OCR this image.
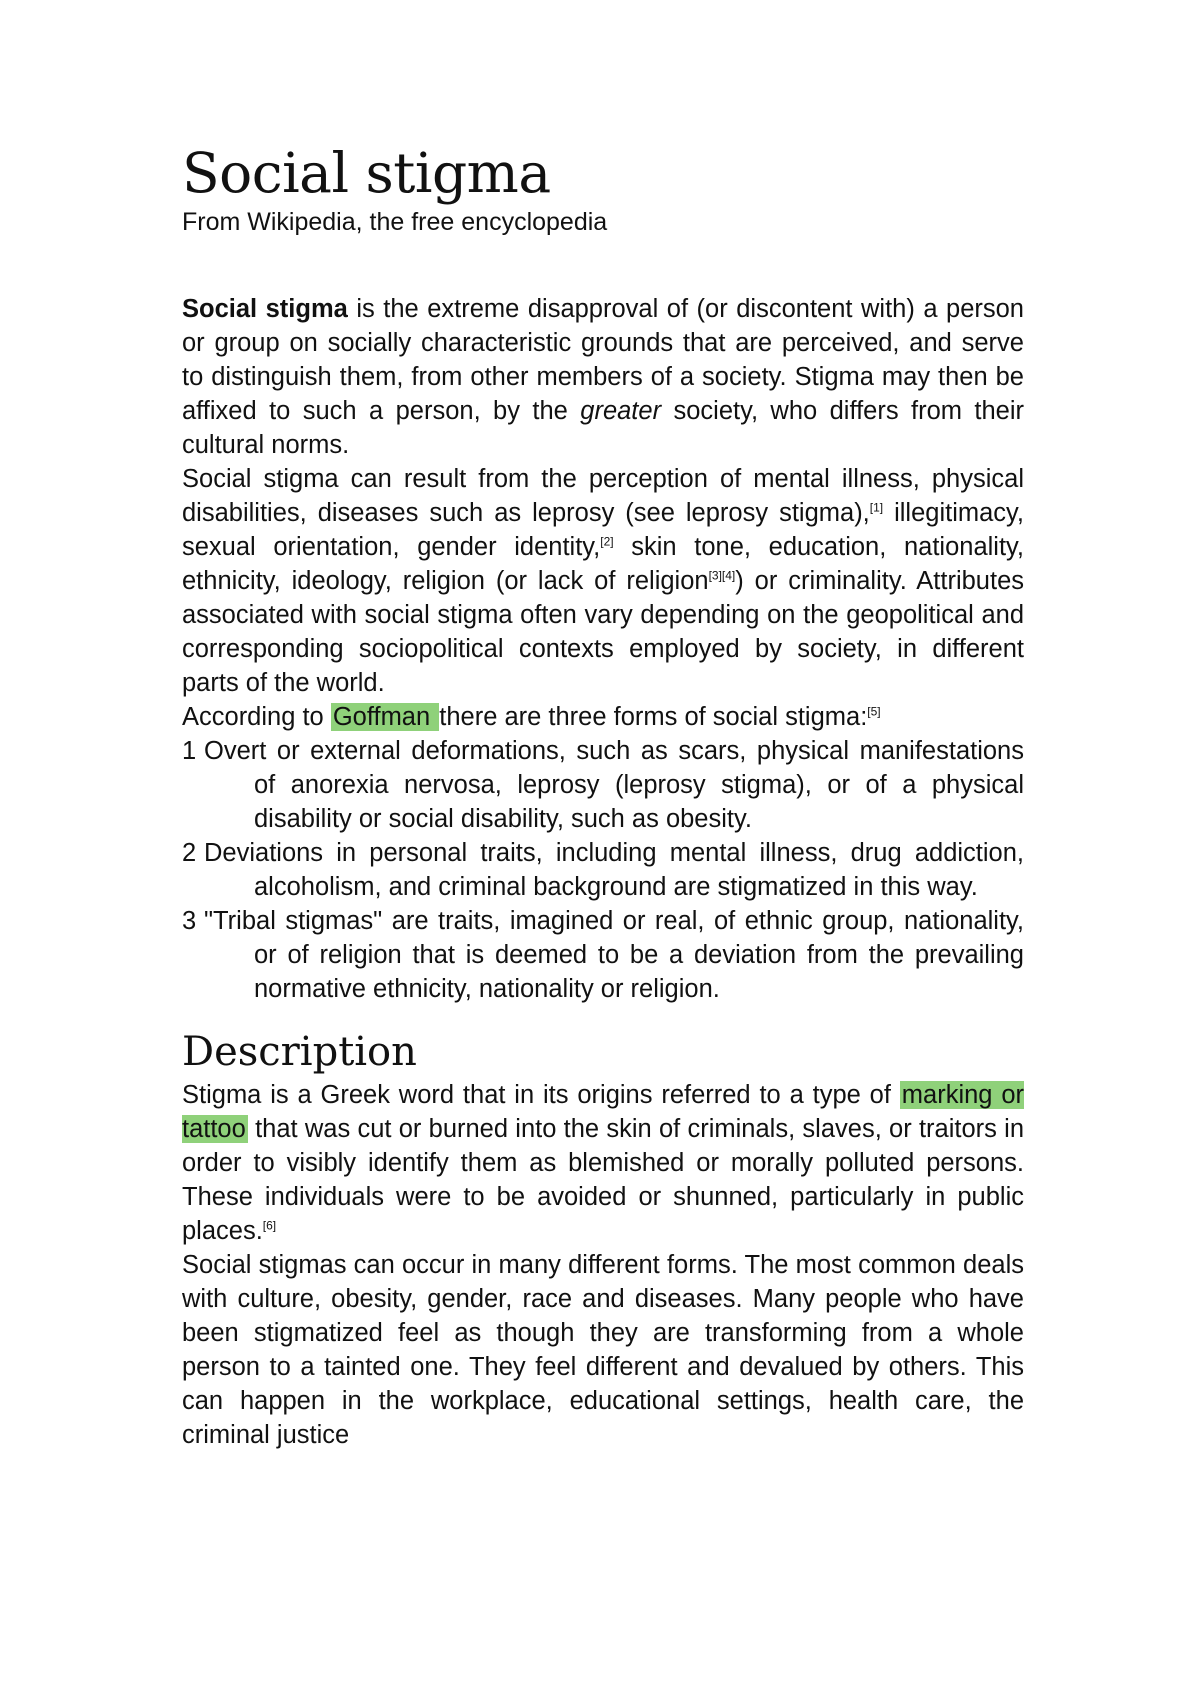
Social stigma

From Wikipedia, the free encyclopedia

Social stigma is the extreme disapproval of (or discontent with) a person or group on socially characteristic grounds that are perceived, and serve to distinguish them, from other members of a society. Stigma may then be affixed to such a person, by the greater society, who differs from their cultural norms.

Social stigma can result from the perception of mental illness, physical disabilities, diseases such as leprosy (see leprosy stigma),[1] illegitimacy, sexual orientation, gender identity,[2] skin tone, education, nationality, ethnicity, ideology, religion (or lack of religion[3][4]) or criminality. Attributes associated with social stigma often vary depending on the geopolitical and corresponding sociopolitical contexts employed by society, in different parts of the world.

According to Goffman there are three forms of social stigma:[5]

1 Overt or external deformations, such as scars, physical manifestations of anorexia nervosa, leprosy (leprosy stigma), or of a physical disability or social disability, such as obesity.
2 Deviations in personal traits, including mental illness, drug addiction, alcoholism, and criminal background are stigmatized in this way.
3 "Tribal stigmas" are traits, imagined or real, of ethnic group, nationality, or of religion that is deemed to be a deviation from the prevailing normative ethnicity, nationality or religion.
Description

Stigma is a Greek word that in its origins referred to a type of marking or tattoo that was cut or burned into the skin of criminals, slaves, or traitors in order to visibly identify them as blemished or morally polluted persons. These individuals were to be avoided or shunned, particularly in public places.[6]

Social stigmas can occur in many different forms. The most common deals with culture, obesity, gender, race and diseases. Many people who have been stigmatized feel as though they are transforming from a whole person to a tainted one. They feel different and devalued by others. This can happen in the workplace, educational settings, health care, the criminal justice
